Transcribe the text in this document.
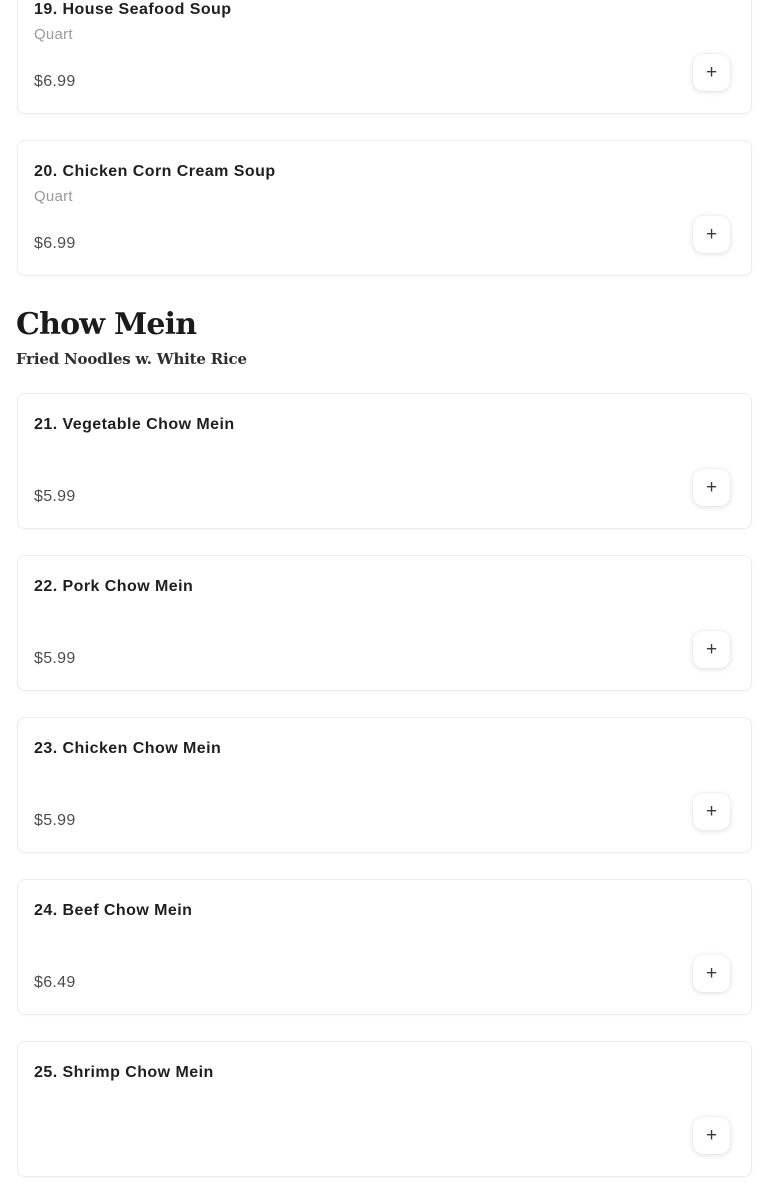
19. House Seafood Soup
Quart
$6.99	+
20. Chicken Corn Cream Soup
Quart
$6.99	+
Chow Mein
Fried Noodles w. White Rice
21. Vegetable Chow Mein
$5.99	+
22. Pork Chow Mein
$5.99	+
23. Chicken Chow Mein
$5.99	+
24. Beef Chow Mein
$6.49	+
25. Shrimp Chow Mein
+
